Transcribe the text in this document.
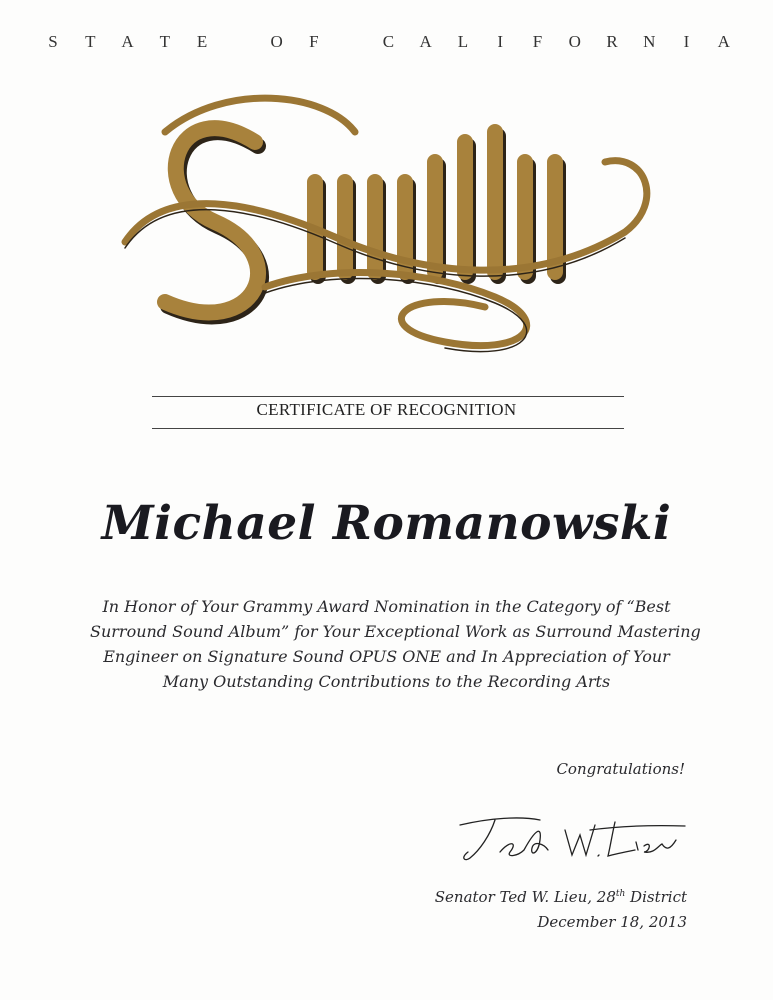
S T A T E	O F	C A L	I	F O R N	I	A
CERTIFICATE OF RECOGNITION
Michael Romanowski
In Honor of Your Grammy Award Nomination in the Category of “Best
Surround Sound Album” for Your Exceptional Work as Surround Mastering
Engineer on Signature Sound OPUS ONE and In Appreciation of Your
Many Outstanding Contributions to the Recording Arts
Congratulations!
Senator Ted W. Lieu, 28th District
December 18, 2013
